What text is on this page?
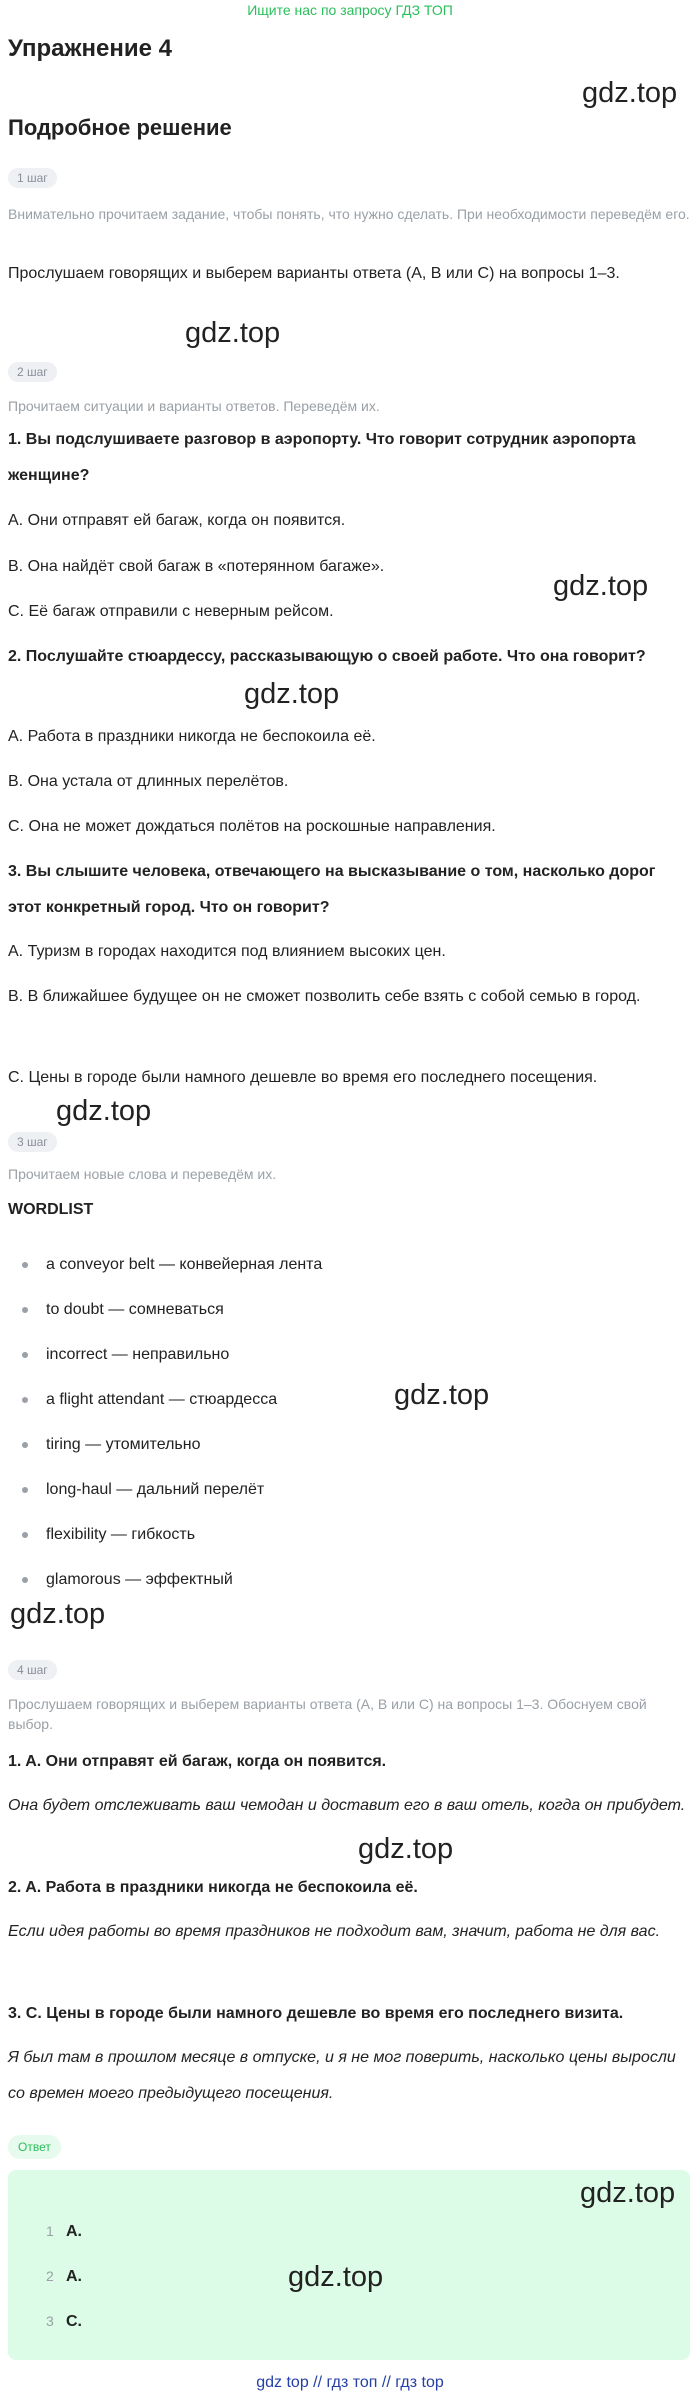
Ищите нас по запросу ГДЗ ТОП
Упражнение 4
Подробное решение
1 шаг

Внимательно прочитаем задание, чтобы понять, что нужно сделать. При необходимости переведём его.

Прослушаем говорящих и выберем варианты ответа (A, B или C) на вопросы 1–3.

2 шаг

Прочитаем ситуации и варианты ответов. Переведём их.

1. Вы подслушиваете разговор в аэропорту. Что говорит сотрудник аэропорта женщине?

A. Они отправят ей багаж, когда он появится.

B. Она найдёт свой багаж в «потерянном багаже».

C. Её багаж отправили с неверным рейсом.

2. Послушайте стюардессу, рассказывающую о своей работе. Что она говорит?

A. Работа в праздники никогда не беспокоила её.

B. Она устала от длинных перелётов.

C. Она не может дождаться полётов на роскошные направления.

3. Вы слышите человека, отвечающего на высказывание о том, насколько дорог этот конкретный город. Что он говорит?

A. Туризм в городах находится под влиянием высоких цен.

B. В ближайшее будущее он не сможет позволить себе взять с собой семью в город.

C. Цены в городе были намного дешевле во время его последнего посещения.

3 шаг

Прочитаем новые слова и переведём их.

WORDLIST

a conveyor belt — конвейерная лента
to doubt — сомневаться
incorrect — неправильно
a flight attendant — стюардесса
tiring — утомительно
long-haul — дальний перелёт
flexibility — гибкость
glamorous — эффектный
4 шаг

Прослушаем говорящих и выберем варианты ответа (A, B или C) на вопросы 1–3. Обоснуем свой выбор.

1. A. Они отправят ей багаж, когда он появится.

Она будет отслеживать ваш чемодан и доставит его в ваш отель, когда он прибудет.

2. A. Работа в праздники никогда не беспокоила её.

Если идея работы во время праздников не подходит вам, значит, работа не для вас.

3. C. Цены в городе были намного дешевле во время его последнего визита.

Я был там в прошлом месяце в отпуске, и я не мог поверить, насколько цены выросли со времен моего предыдущего посещения.

Ответ
1 A.
2 A.
3 C.
gdz.top
gdz.top
gdz.top
gdz.top
gdz.top
gdz.top
gdz.top
gdz.top
gdz.top
gdz.top
gdz top // гдз топ // гдз top
